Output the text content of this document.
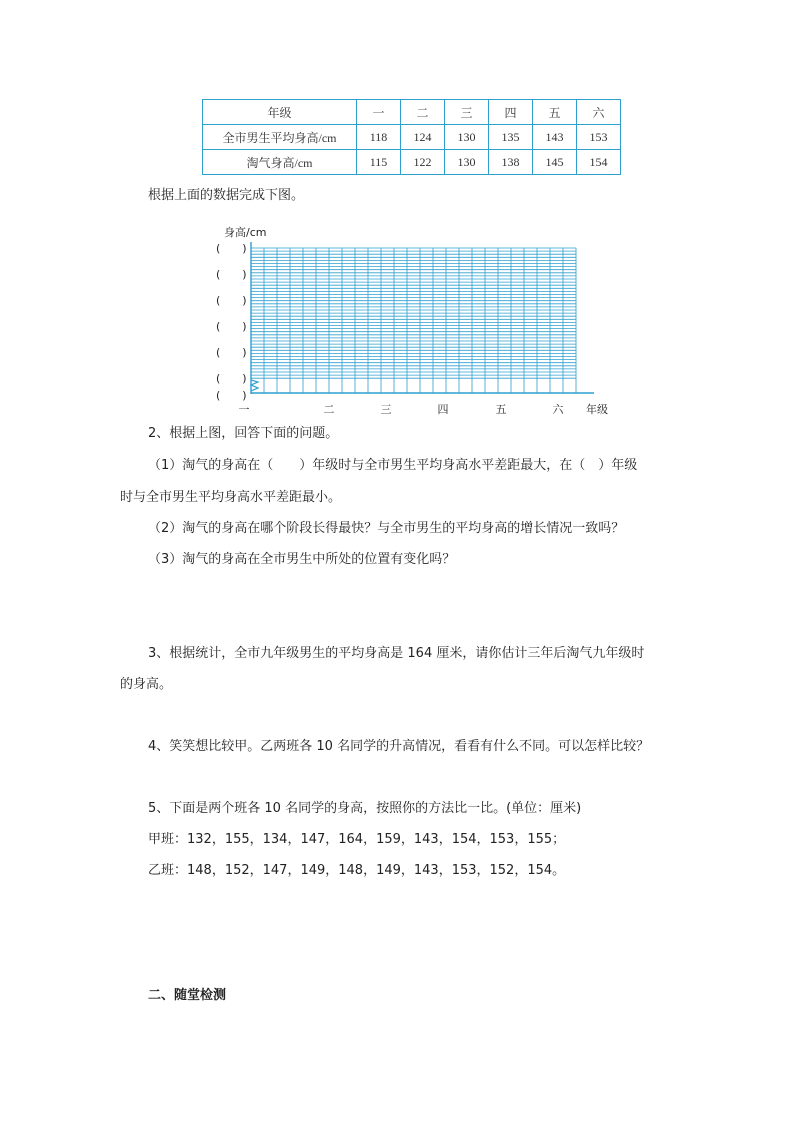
年级	一	二	三	四	五	六
全市男生平均身高/cm	118	124	130	135	143	153
淘气身高/cm	115	122	130	138	145	154
根据上面的数据完成下图。
身高/cm
年级
(　　)
(　　)
(　　)
(　　)
(　　)
(　　)
(　　)
一	二	三	四	五	六
2、根据上图，回答下面的问题。
（1）淘气的身高在（　　）年级时与全市男生平均身高水平差距最大，在（　）年级
时与全市男生平均身高水平差距最小。
（2）淘气的身高在哪个阶段长得最快？与全市男生的平均身高的增长情况一致吗？
（3）淘气的身高在全市男生中所处的位置有变化吗？
3、根据统计，全市九年级男生的平均身高是 164 厘米，请你估计三年后淘气九年级时
的身高。
4、笑笑想比较甲。乙两班各 10 名同学的升高情况，看看有什么不同。可以怎样比较？
5、下面是两个班各 10 名同学的身高，按照你的方法比一比。(单位：厘米)
甲班：132，155，134，147，164，159，143，154，153，155；
乙班：148，152，147，149，148，149，143，153，152，154。
二、随堂检测
